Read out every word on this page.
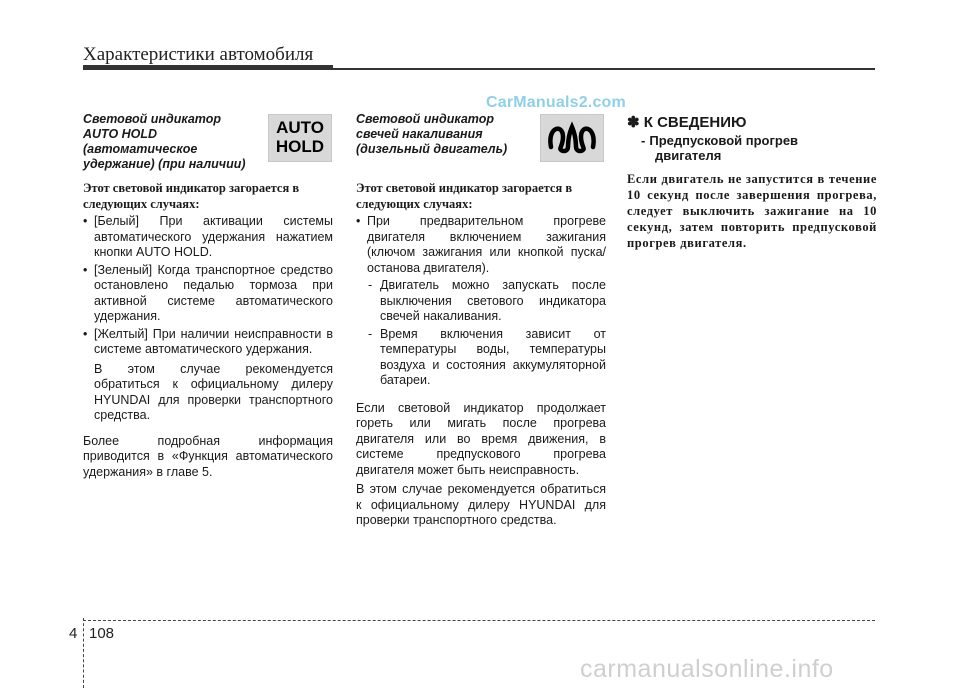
Характеристики автомобиля
CarManuals2.com
Световой индикатор
AUTO HOLD
(автоматическое
удержание) (при наличии)
Этот световой индикатор загорается в следующих случаях:
• [Белый] При активации системы автоматического удержания нажатием кнопки AUTO HOLD.
• [Зеленый] Когда транспортное средство остановлено педалью тормоза при активной системе автоматического удержания.
• [Желтый] При наличии неисправности в системе автоматического удержания.
В этом случае рекомендуется обратиться к официальному дилеру HYUNDAI для проверки транспортного средства.
Более подробная информация приводится в «Функция автоматического удержания» в главе 5.
AUTO
HOLD
Световой индикатор
свечей накаливания
(дизельный двигатель)
Этот световой индикатор загорается в следующих случаях:
• При предварительном прогреве двигателя включением зажигания (ключом зажигания или кнопкой пуска/останова двигателя).
- Двигатель можно запускать после выключения светового индикатора свечей накаливания.
- Время включения зависит от температуры воды, температуры воздуха и состояния аккумуляторной батареи.
Если световой индикатор продолжает гореть или мигать после прогрева двигателя или во время движения, в системе предпускового прогрева двигателя может быть неисправность.
В этом случае рекомендуется обратиться к официальному дилеру HYUNDAI для проверки транспортного средства.
✽ К СВЕДЕНИЮ
- Предпусковой прогрев
двигателя
Если двигатель не запустится в течение 10 секунд после завершения прогрева, следует выключить зажигание на 10 секунд, затем повторить предпусковой прогрев двигателя.
4 108
carmanualsonline.info
